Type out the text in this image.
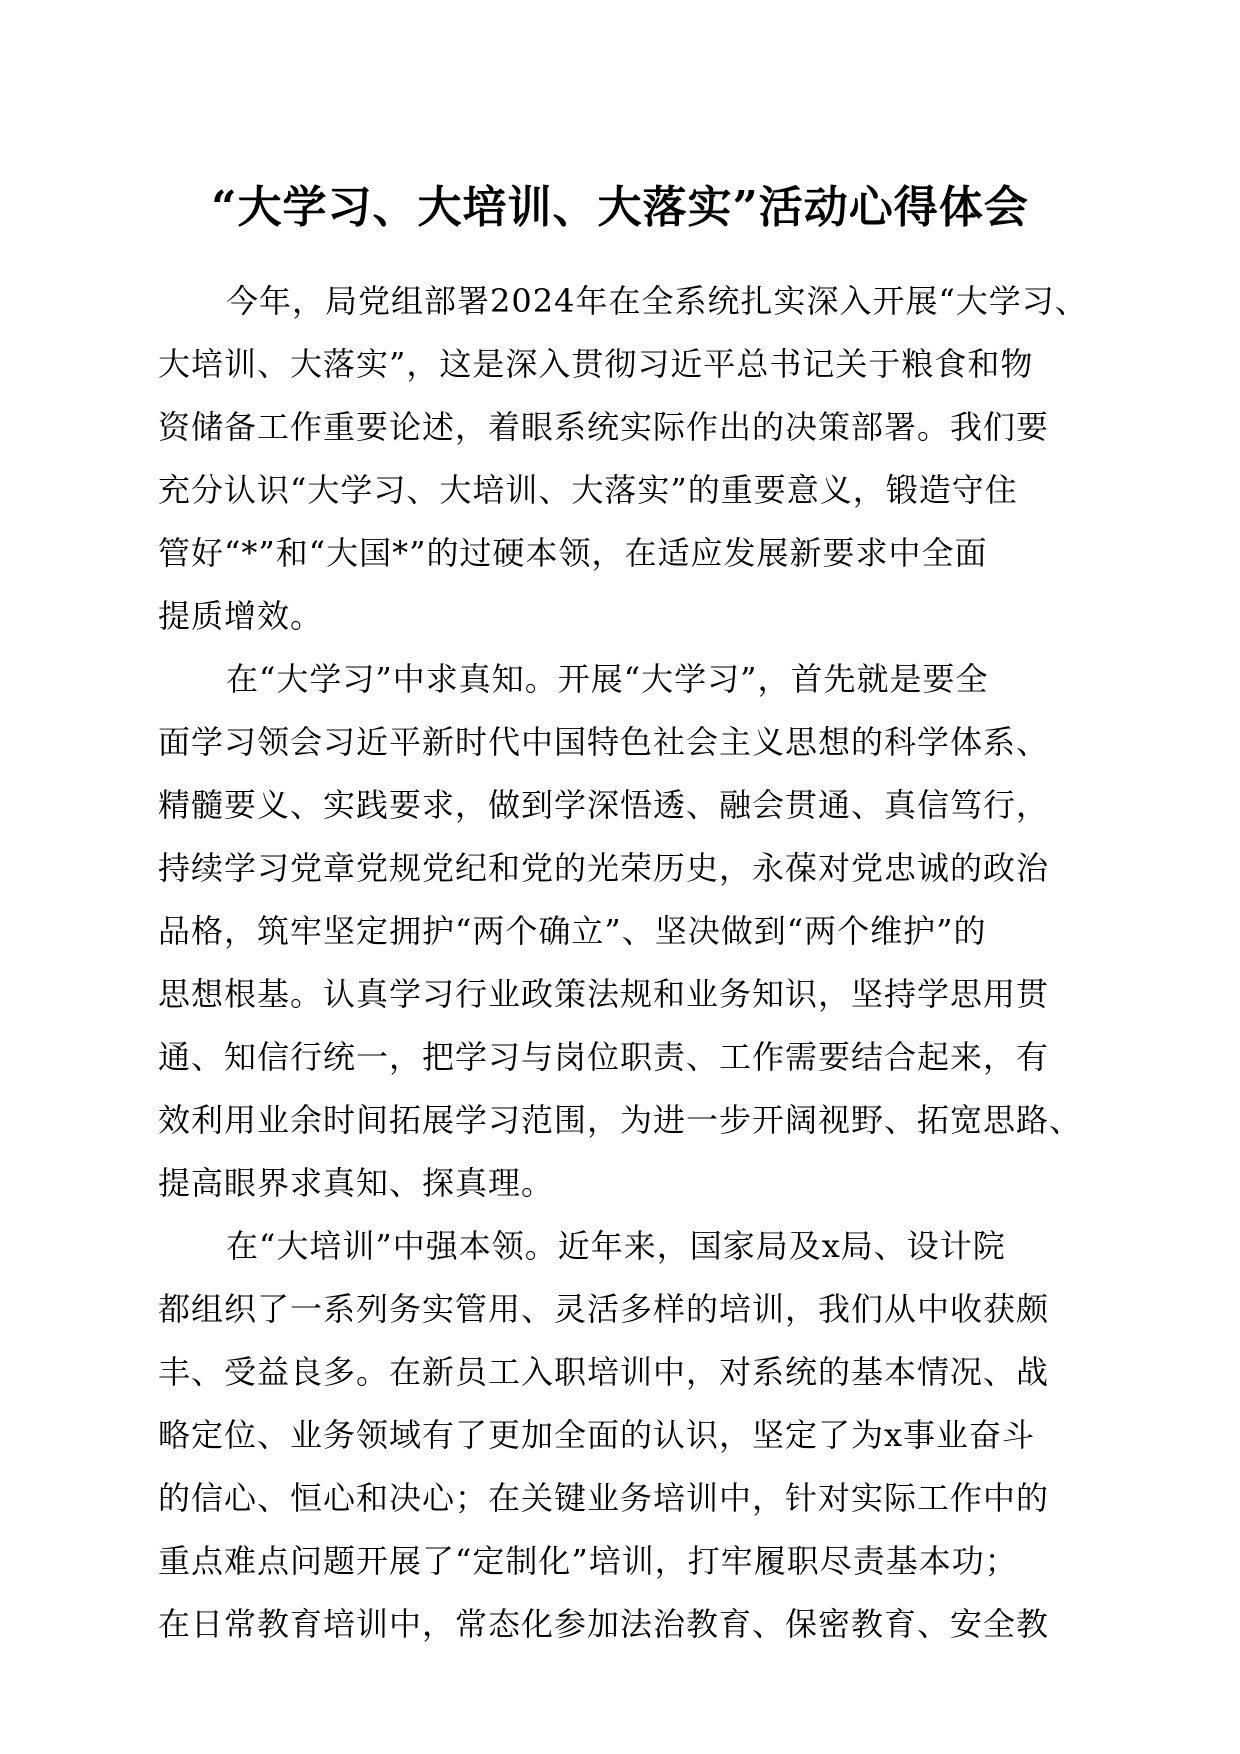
“大学习、大培训、大落实”活动心得体会
今年，局党组部署2024年在全系统扎实深入开展“大学习、
大培训、大落实”，这是深入贯彻习近平总书记关于粮食和物
资储备工作重要论述，着眼系统实际作出的决策部署。我们要
充分认识“大学习、大培训、大落实”的重要意义，锻造守住
管好“*”和“大国*”的过硬本领，在适应发展新要求中全面
提质增效。
在“大学习”中求真知。开展“大学习”，首先就是要全
面学习领会习近平新时代中国特色社会主义思想的科学体系、
精髓要义、实践要求，做到学深悟透、融会贯通、真信笃行，
持续学习党章党规党纪和党的光荣历史，永葆对党忠诚的政治
品格，筑牢坚定拥护“两个确立”、坚决做到“两个维护”的
思想根基。认真学习行业政策法规和业务知识，坚持学思用贯
通、知信行统一，把学习与岗位职责、工作需要结合起来，有
效利用业余时间拓展学习范围，为进一步开阔视野、拓宽思路、
提高眼界求真知、探真理。
在“大培训”中强本领。近年来，国家局及x局、设计院
都组织了一系列务实管用、灵活多样的培训，我们从中收获颇
丰、受益良多。在新员工入职培训中，对系统的基本情况、战
略定位、业务领域有了更加全面的认识，坚定了为x事业奋斗
的信心、恒心和决心；在关键业务培训中，针对实际工作中的
重点难点问题开展了“定制化”培训，打牢履职尽责基本功；
在日常教育培训中，常态化参加法治教育、保密教育、安全教
